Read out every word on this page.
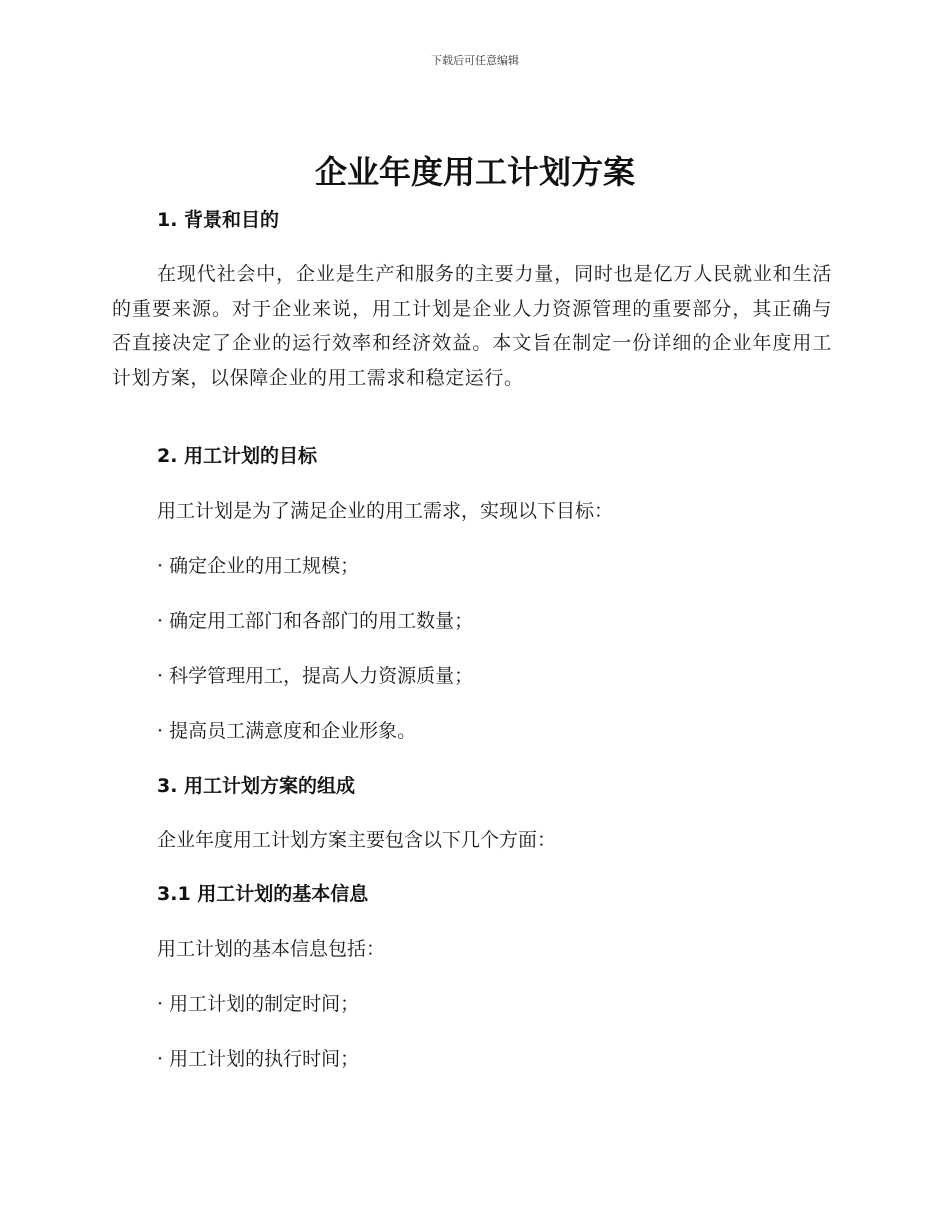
下载后可任意编辑
企业年度用工计划方案
1. 背景和目的
在现代社会中，企业是生产和服务的主要力量，同时也是亿万人民就业和生活的重要来源。对于企业来说，用工计划是企业人力资源管理的重要部分，其正确与否直接决定了企业的运行效率和经济效益。本文旨在制定一份详细的企业年度用工计划方案，以保障企业的用工需求和稳定运行。
2. 用工计划的目标
用工计划是为了满足企业的用工需求，实现以下目标：
· 确定企业的用工规模；
· 确定用工部门和各部门的用工数量；
· 科学管理用工，提高人力资源质量；
· 提高员工满意度和企业形象。
3. 用工计划方案的组成
企业年度用工计划方案主要包含以下几个方面：
3.1 用工计划的基本信息
用工计划的基本信息包括：
· 用工计划的制定时间；
· 用工计划的执行时间；
